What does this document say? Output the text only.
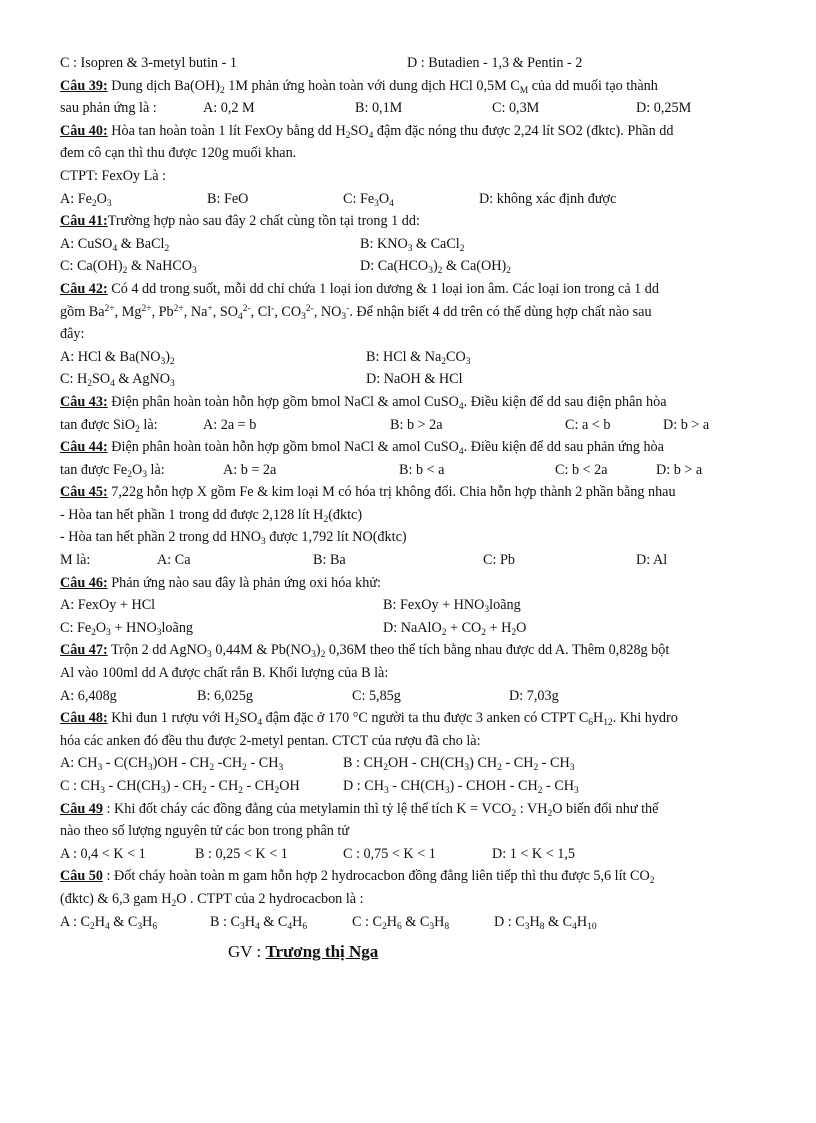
C : Isopren & 3-metyl butin - 1	D : Butadien - 1,3 & Pentin - 2
Câu 39: Dung dịch $Ba(OH)_2$ 1M phản ứng hoàn toàn với dung dịch HCl 0,5M $C_M$ của dd muối tạo thành
sau phản ứng là :	A: 0,2 M	B: 0,1M	C: 0,3M	D: 0,25M
Câu 40: Hòa tan hoàn toàn 1 lít FexOy bằng dd $H_2SO_4$ đậm đặc nóng thu được 2,24 lít SO2 (đktc). Phần dd
đem cô cạn thì thu được 120g muối khan.
CTPT: FexOy Là :
A: $Fe_2O_3$	B: FeO	C: $Fe_3O_4$	D: không xác định được
Câu 41:Trường hợp nào sau đây 2 chất cùng tồn tại trong 1 dd:
A: CuSO$_4$ & BaCl$_2$	B: $KNO_3$ & CaCl$_2$
C: $Ca(OH)_2$ & NaHCO$_3$	D: $Ca(HCO_3)_2$ & $Ca(OH)_2$
Câu 42: Có 4 dd trong suốt, mỗi dd chỉ chứa 1 loại ion dương & 1 loại ion âm. Các loại ion trong cả 1 dd
gồm $Ba^{2+}$, $Mg^{2+}$, $Pb^{2+}$, Na+, $SO_4^{2-}$, Cl-, $CO_3^{2-}$, $NO_3^-$. Để nhận biết 4 dd trên có thể dùng hợp chất nào sau
đây:
A: HCl & $Ba(NO_3)_2$	B: HCl & $Na_2CO_3$
C: $H_2SO_4$ & AgNO$_3$	D: NaOH & HCl
Câu 43: Điện phân hoàn toàn hỗn hợp gồm bmol NaCl & amol CuSO$_4$. Điều kiện để dd sau điện phân hòa
tan được SiO$_2$ là:	A: 2a = b	B: b > 2a	C: a < b	D: b > a
Câu 44: Điện phân hoàn toàn hỗn hợp gồm bmol NaCl & amol CuSO$_4$. Điều kiện để dd sau phản ứng hòa
tan được $Fe_2O_3$ là:	A: b = 2a	B: b < a	C: b < 2a	D: b > a
Câu 45: 7,22g hỗn hợp X gồm Fe & kim loại M có hóa trị không đổi. Chia hỗn hợp thành 2 phần bằng nhau
- Hòa tan hết phần 1 trong dd được 2,128 lít $H_2(đktc)$
- Hòa tan hết phần 2 trong dd $HNO_3$ được 1,792 lít NO(đktc)
M là:	A: Ca	B: Ba	C: Pb	D: Al
Câu 46: Phản ứng nào sau đây là phản ứng oxi hóa khử:
A: FexOy + HCl	B: FexOy + $HNO_3loãng$
C: $Fe_2O_3$ + $HNO_3loãng$	D: NaAlO$_2$ + $CO_2 + H_2O$
Câu 47: Trộn 2 dd AgNO$_3$ 0,44M & $Pb(NO_3)_2$ 0,36M theo thể tích bằng nhau được dd A. Thêm 0,828g bột
Al vào 100ml dd A được chất rắn B. Khối lượng của B là:
A: 6,408g	B: 6,025g	C: 5,85g	D: 7,03g
Câu 48: Khi đun 1 rượu với $H_2SO_4$ đậm đặc ở 170 °C người ta thu được 3 anken có CTPT $C_6H_{12}$. Khi hydro
hóa các anken đó đều thu được 2-metyl pentan. CTCT của rượu đã cho là:
A: $CH_3 - C(CH_3)OH - CH_2$ $-CH_2 - CH_3$	B : $CH_2OH - CH(CH_3)$ $CH_2 - CH_2 - CH_3$
C : $CH_3 - CH(CH_3) - CH_2 - CH_2 - CH_2OH$	D : $CH_3 - CH(CH_3)$ - CHOH - $CH_2 - CH_3$
Câu 49 : Khi đốt cháy các đồng đẳng của metylamin thì tỷ lệ thể tích $K = VCO_2$ : $VH_2O$ biến đổi như thế
nào theo số lượng nguyên tử các bon trong phân tử
A : 0,4 < K < 1	B : 0,25 < K < 1	C : 0,75 < K < 1	D: 1 < K < 1,5
Câu 50 : Đốt cháy hoàn toàn m gam hỗn hợp 2 hydrocacbon đồng đẳng liên tiếp thì thu được 5,6 lít $CO_2$
(đktc) & 6,3 gam $H_2O$ . CTPT của 2 hydrocacbon là :
A : $C_2H_4$ & $C_3H_6$	B : $C_3H_4$ & $C_4H_6$	C : $C_2H_6$ & $C_3H_8$	D : $C_3H_8$ & $C_4H_{10}$
GV : Trương thị Nga
